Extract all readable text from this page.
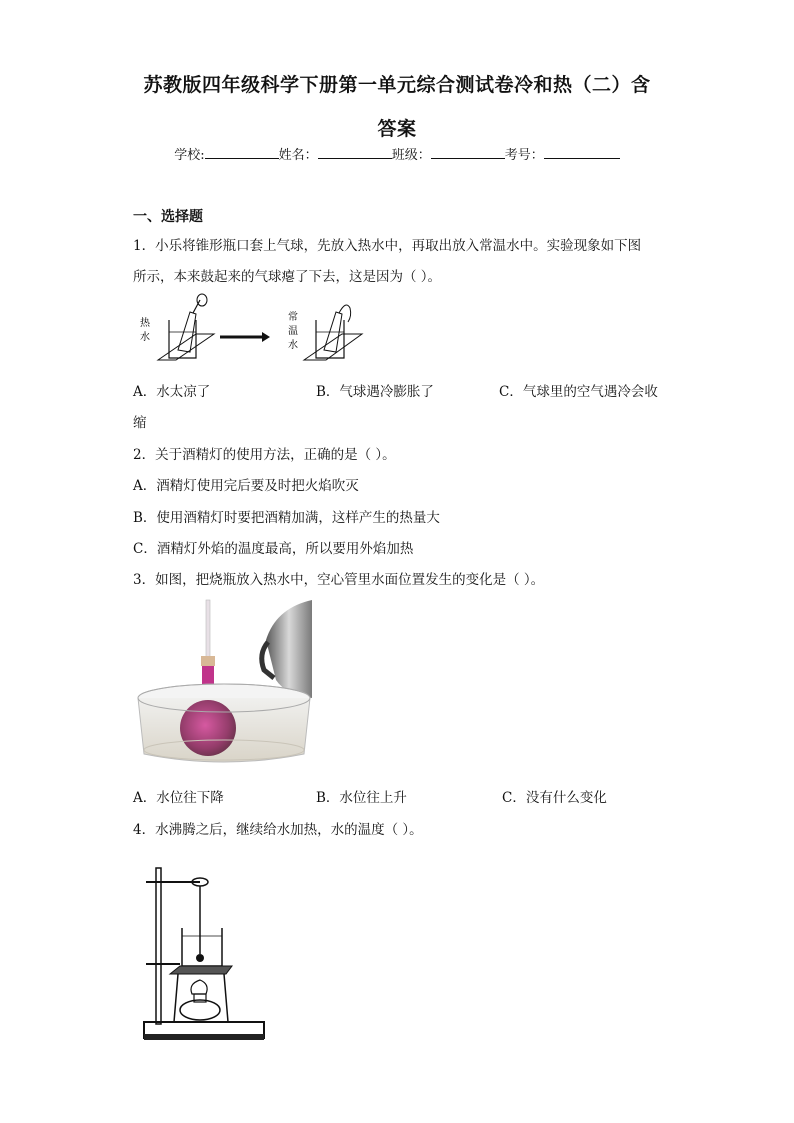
苏教版四年级科学下册第一单元综合测试卷冷和热（二）含
答案
学校:	姓名：	班级：	考号：
一、选择题
1．小乐将锥形瓶口套上气球，先放入热水中，再取出放入常温水中。实验现象如下图
所示，本来鼓起来的气球瘪了下去，这是因为（ ）。
热
水
常
温
水
A．水太凉了	B．气球遇冷膨胀了	C．气球里的空气遇冷会收
缩
2．关于酒精灯的使用方法，正确的是（ ）。
A．酒精灯使用完后要及时把火焰吹灭
B．使用酒精灯时要把酒精加满，这样产生的热量大
C．酒精灯外焰的温度最高，所以要用外焰加热
3．如图，把烧瓶放入热水中，空心管里水面位置发生的变化是（ ）。
A．水位往下降	B．水位往上升	C．没有什么变化
4．水沸腾之后，继续给水加热，水的温度（ ）。
